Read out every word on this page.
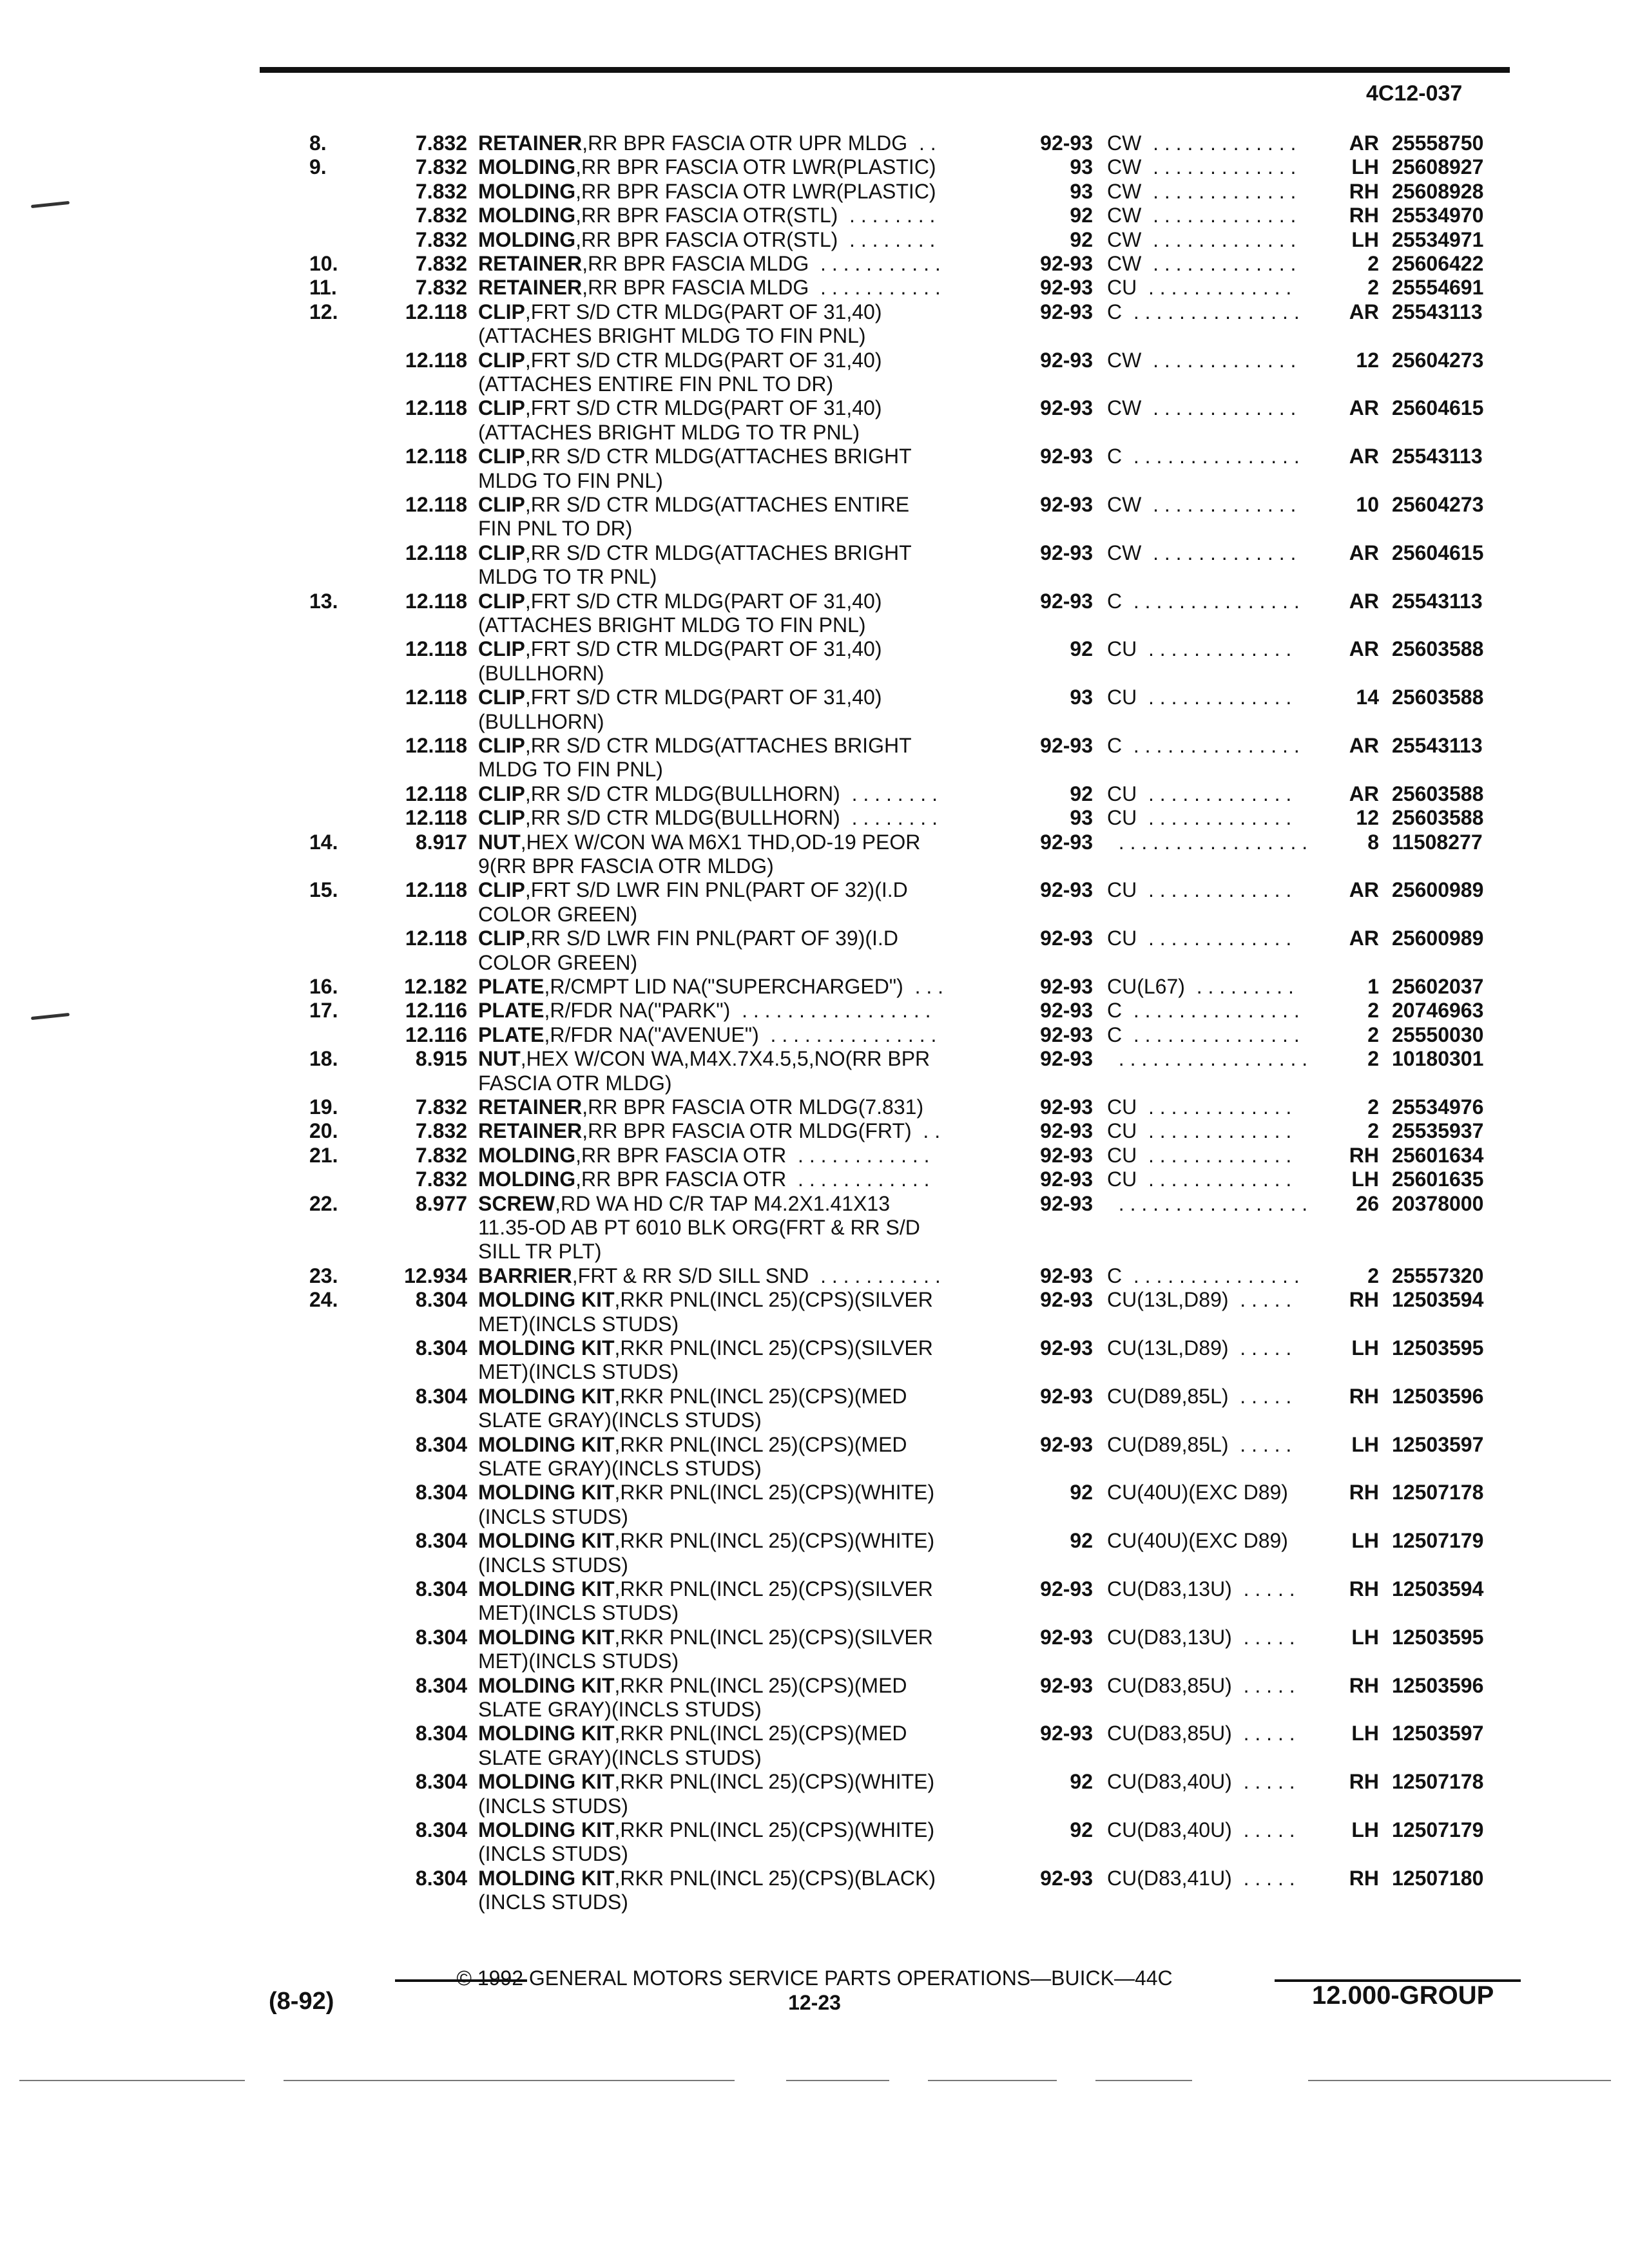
4C12-037
8.	7.832 RETAINER,RR BPR FASCIA OTR UPR MLDG  . .	92-93 CW  . . . . . . . . . . . . .	AR 25558750
9.	7.832 MOLDING,RR BPR FASCIA OTR LWR(PLASTIC)	93 CW  . . . . . . . . . . . . .	LH 25608927
7.832 MOLDING,RR BPR FASCIA OTR LWR(PLASTIC)	93 CW  . . . . . . . . . . . . .	RH 25608928
7.832 MOLDING,RR BPR FASCIA OTR(STL)  . . . . . . . .	92 CW  . . . . . . . . . . . . .	RH 25534970
7.832 MOLDING,RR BPR FASCIA OTR(STL)  . . . . . . . .	92 CW  . . . . . . . . . . . . .	LH 25534971
10.	7.832 RETAINER,RR BPR FASCIA MLDG  . . . . . . . . . . .	92-93 CW  . . . . . . . . . . . . .	2 25606422
11.	7.832 RETAINER,RR BPR FASCIA MLDG  . . . . . . . . . . .	92-93 CU  . . . . . . . . . . . . .	2 25554691
12.	12.118 CLIP,FRT S/D CTR MLDG(PART OF 31,40)	92-93 C  . . . . . . . . . . . . . . .	AR 25543113
(ATTACHES BRIGHT MLDG TO FIN PNL)
12.118 CLIP,FRT S/D CTR MLDG(PART OF 31,40)	92-93 CW  . . . . . . . . . . . . .	12 25604273
(ATTACHES ENTIRE FIN PNL TO DR)
12.118 CLIP,FRT S/D CTR MLDG(PART OF 31,40)	92-93 CW  . . . . . . . . . . . . .	AR 25604615
(ATTACHES BRIGHT MLDG TO TR PNL)
12.118 CLIP,RR S/D CTR MLDG(ATTACHES BRIGHT	92-93 C  . . . . . . . . . . . . . . .	AR 25543113
MLDG TO FIN PNL)
12.118 CLIP,RR S/D CTR MLDG(ATTACHES ENTIRE	92-93 CW  . . . . . . . . . . . . .	10 25604273
FIN PNL TO DR)
12.118 CLIP,RR S/D CTR MLDG(ATTACHES BRIGHT	92-93 CW  . . . . . . . . . . . . .	AR 25604615
MLDG TO TR PNL)
13.	12.118 CLIP,FRT S/D CTR MLDG(PART OF 31,40)	92-93 C  . . . . . . . . . . . . . . .	AR 25543113
(ATTACHES BRIGHT MLDG TO FIN PNL)
12.118 CLIP,FRT S/D CTR MLDG(PART OF 31,40)	92 CU  . . . . . . . . . . . . .	AR 25603588
(BULLHORN)
12.118 CLIP,FRT S/D CTR MLDG(PART OF 31,40)	93 CU  . . . . . . . . . . . . .	14 25603588
(BULLHORN)
12.118 CLIP,RR S/D CTR MLDG(ATTACHES BRIGHT	92-93 C  . . . . . . . . . . . . . . .	AR 25543113
MLDG TO FIN PNL)
12.118 CLIP,RR S/D CTR MLDG(BULLHORN)  . . . . . . . .	92 CU  . . . . . . . . . . . . .	AR 25603588
12.118 CLIP,RR S/D CTR MLDG(BULLHORN)  . . . . . . . .	93 CU  . . . . . . . . . . . . .	12 25603588
14.	8.917 NUT,HEX W/CON WA M6X1 THD,OD-19 PEOR	92-93 . . . . . . . . . . . . . . . . .	8 11508277
9(RR BPR FASCIA OTR MLDG)
15.	12.118 CLIP,FRT S/D LWR FIN PNL(PART OF 32)(I.D	92-93 CU  . . . . . . . . . . . . .	AR 25600989
COLOR GREEN)
12.118 CLIP,RR S/D LWR FIN PNL(PART OF 39)(I.D	92-93 CU  . . . . . . . . . . . . .	AR 25600989
COLOR GREEN)
16.	12.182 PLATE,R/CMPT LID NA("SUPERCHARGED")  . . .	92-93 CU(L67)  . . . . . . . . .	1 25602037
17.	12.116 PLATE,R/FDR NA("PARK")  . . . . . . . . . . . . . . . . .	92-93 C  . . . . . . . . . . . . . . .	2 20746963
12.116 PLATE,R/FDR NA("AVENUE")  . . . . . . . . . . . . . . .	92-93 C  . . . . . . . . . . . . . . .	2 25550030
18.	8.915 NUT,HEX W/CON WA,M4X.7X4.5,5,NO(RR BPR	92-93 . . . . . . . . . . . . . . . . .	2 10180301
FASCIA OTR MLDG)
19.	7.832 RETAINER,RR BPR FASCIA OTR MLDG(7.831)	92-93 CU  . . . . . . . . . . . . .	2 25534976
20.	7.832 RETAINER,RR BPR FASCIA OTR MLDG(FRT)  . .	92-93 CU  . . . . . . . . . . . . .	2 25535937
21.	7.832 MOLDING,RR BPR FASCIA OTR  . . . . . . . . . . . .	92-93 CU  . . . . . . . . . . . . .	RH 25601634
7.832 MOLDING,RR BPR FASCIA OTR  . . . . . . . . . . . .	92-93 CU  . . . . . . . . . . . . .	LH 25601635
22.	8.977 SCREW,RD WA HD C/R TAP M4.2X1.41X13	92-93 . . . . . . . . . . . . . . . . .	26 20378000
11.35-OD AB PT 6010 BLK ORG(FRT & RR S/D
SILL TR PLT)
23.	12.934 BARRIER,FRT & RR S/D SILL SND  . . . . . . . . . . .	92-93 C  . . . . . . . . . . . . . . .	2 25557320
24.	8.304 MOLDING KIT,RKR PNL(INCL 25)(CPS)(SILVER	92-93 CU(13L,D89)  . . . . .	RH 12503594
MET)(INCLS STUDS)
8.304 MOLDING KIT,RKR PNL(INCL 25)(CPS)(SILVER	92-93 CU(13L,D89)  . . . . .	LH 12503595
MET)(INCLS STUDS)
8.304 MOLDING KIT,RKR PNL(INCL 25)(CPS)(MED	92-93 CU(D89,85L)  . . . . .	RH 12503596
SLATE GRAY)(INCLS STUDS)
8.304 MOLDING KIT,RKR PNL(INCL 25)(CPS)(MED	92-93 CU(D89,85L)  . . . . .	LH 12503597
SLATE GRAY)(INCLS STUDS)
8.304 MOLDING KIT,RKR PNL(INCL 25)(CPS)(WHITE)	92 CU(40U)(EXC D89)	RH 12507178
(INCLS STUDS)
8.304 MOLDING KIT,RKR PNL(INCL 25)(CPS)(WHITE)	92 CU(40U)(EXC D89)	LH 12507179
(INCLS STUDS)
8.304 MOLDING KIT,RKR PNL(INCL 25)(CPS)(SILVER	92-93 CU(D83,13U)  . . . . .	RH 12503594
MET)(INCLS STUDS)
8.304 MOLDING KIT,RKR PNL(INCL 25)(CPS)(SILVER	92-93 CU(D83,13U)  . . . . .	LH 12503595
MET)(INCLS STUDS)
8.304 MOLDING KIT,RKR PNL(INCL 25)(CPS)(MED	92-93 CU(D83,85U)  . . . . .	RH 12503596
SLATE GRAY)(INCLS STUDS)
8.304 MOLDING KIT,RKR PNL(INCL 25)(CPS)(MED	92-93 CU(D83,85U)  . . . . .	LH 12503597
SLATE GRAY)(INCLS STUDS)
8.304 MOLDING KIT,RKR PNL(INCL 25)(CPS)(WHITE)	92 CU(D83,40U)  . . . . .	RH 12507178
(INCLS STUDS)
8.304 MOLDING KIT,RKR PNL(INCL 25)(CPS)(WHITE)	92 CU(D83,40U)  . . . . .	LH 12507179
(INCLS STUDS)
8.304 MOLDING KIT,RKR PNL(INCL 25)(CPS)(BLACK)	92-93 CU(D83,41U)  . . . . .	RH 12507180
(INCLS STUDS)
© 1992 GENERAL MOTORS SERVICE PARTS OPERATIONS—BUICK—44C
12-23
(8-92)	12.000-GROUP
